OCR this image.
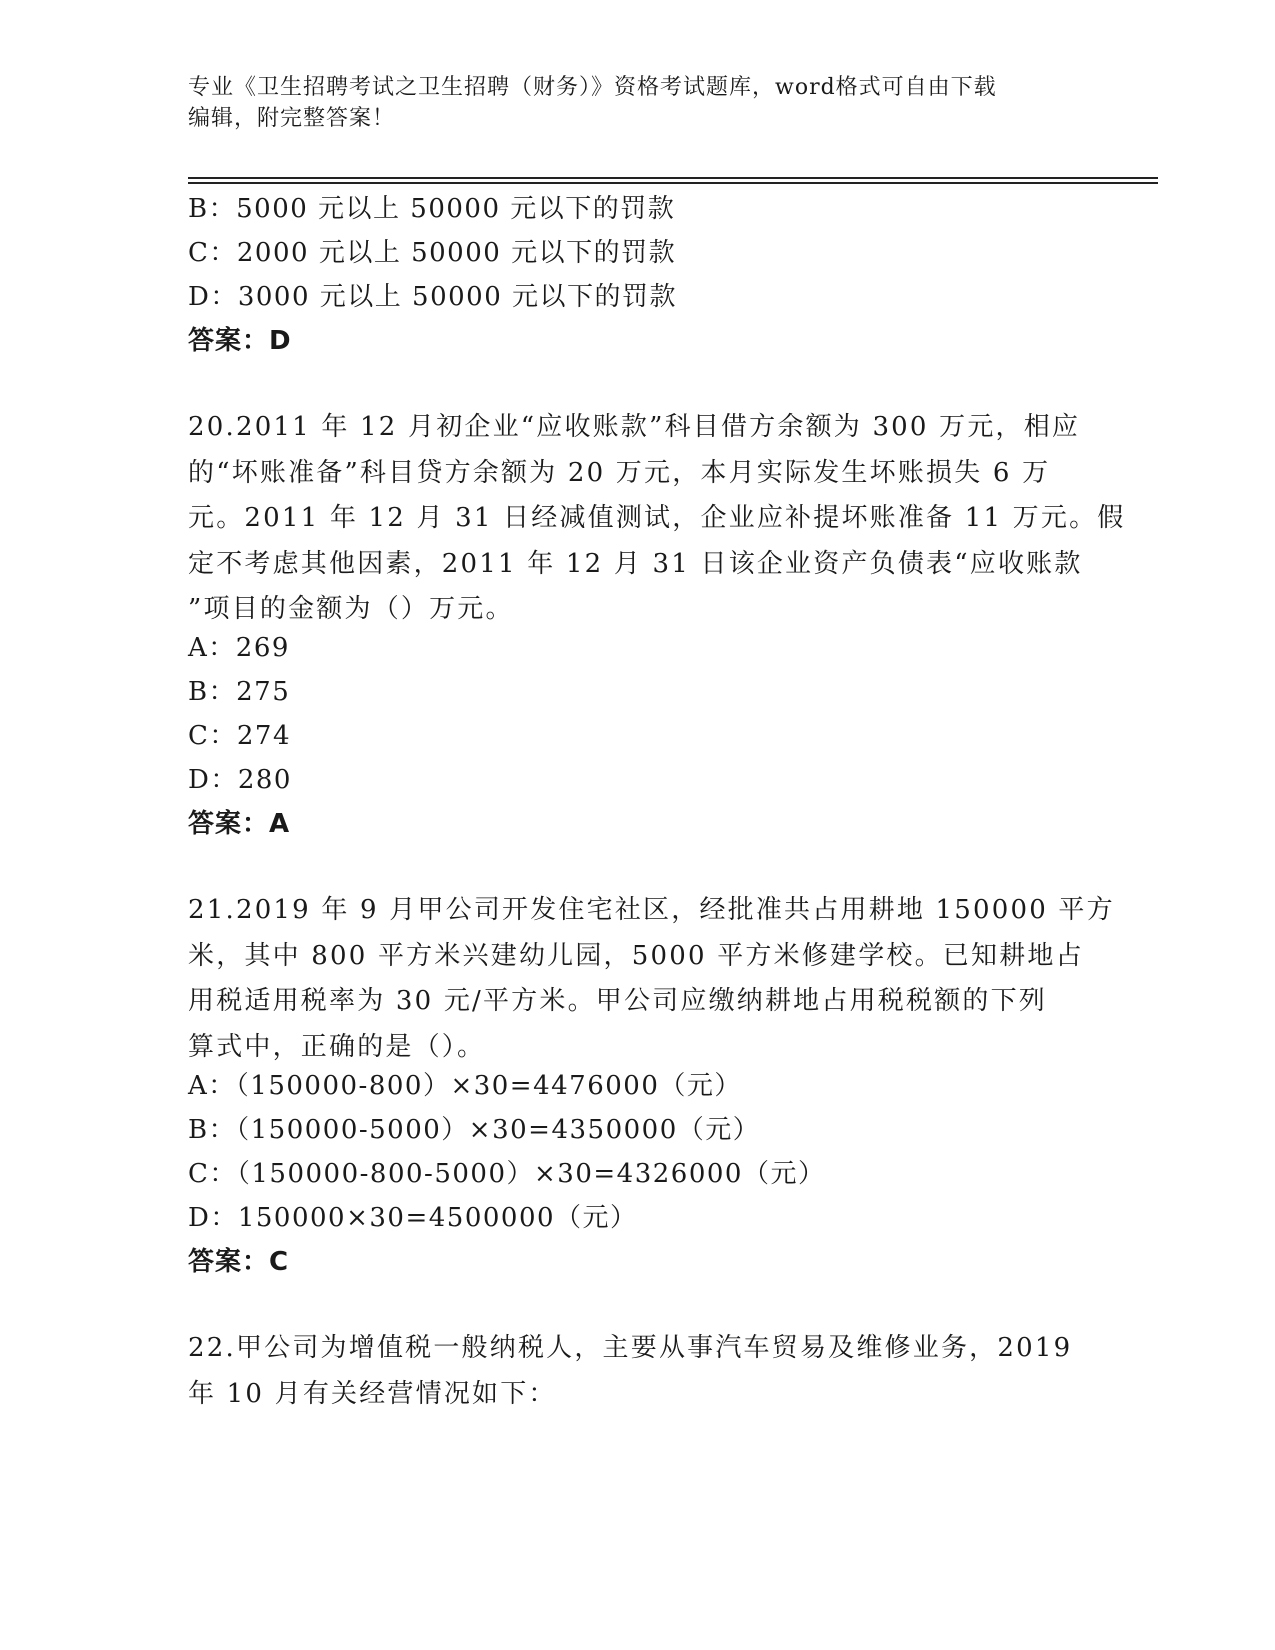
专业《卫生招聘考试之卫生招聘（财务）》资格考试题库，word格式可自由下载
编辑，附完整答案！
B：5000 元以上 50000 元以下的罚款
C：2000 元以上 50000 元以下的罚款
D：3000 元以上 50000 元以下的罚款
答案：D
20.2011 年 12 月初企业“应收账款”科目借方余额为 300 万元，相应
的“坏账准备”科目贷方余额为 20 万元，本月实际发生坏账损失 6 万
元。2011 年 12 月 31 日经减值测试，企业应补提坏账准备 11 万元。假
定不考虑其他因素，2011 年 12 月 31 日该企业资产负债表“应收账款
”项目的金额为（）万元。
A：269
B：275
C：274
D：280
答案：A
21.2019 年 9 月甲公司开发住宅社区，经批准共占用耕地 150000 平方
米，其中 800 平方米兴建幼儿园，5000 平方米修建学校。已知耕地占
用税适用税率为 30 元/平方米。甲公司应缴纳耕地占用税税额的下列
算式中，正确的是（）。
A：（150000-800）×30=4476000（元）
B：（150000-5000）×30=4350000（元）
C：（150000-800-5000）×30=4326000（元）
D：150000×30=4500000（元）
答案：C
22.甲公司为增值税一般纳税人，主要从事汽车贸易及维修业务，2019
年 10 月有关经营情况如下：
